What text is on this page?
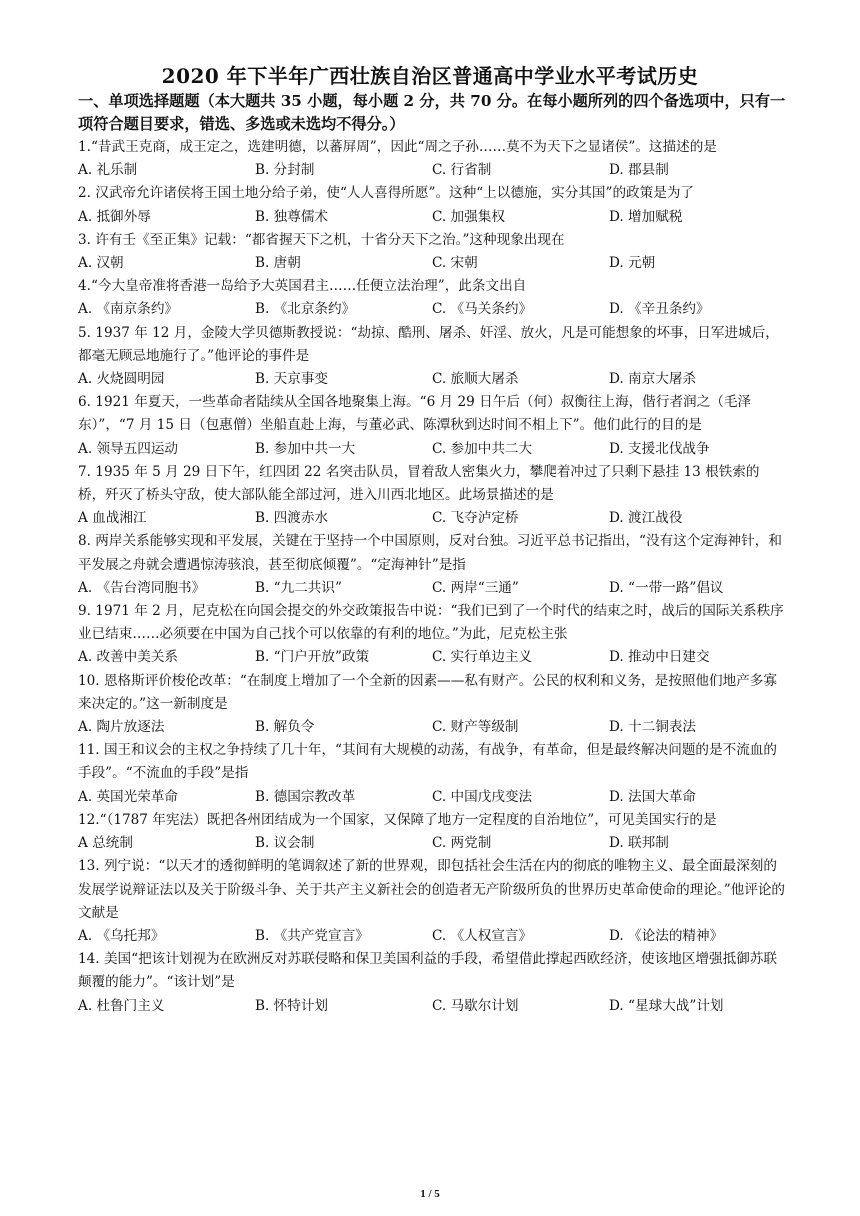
2020 年下半年广西壮族自治区普通高中学业水平考试历史

一、单项选择题题（本大题共 35 小题，每小题 2 分，共 70 分。在每小题所列的四个备选项中，只有一项符合题目要求，错选、多选或未选均不得分。）

1.“昔武王克商，成王定之，选建明德，以蕃屏周”，因此“周之子孙……莫不为天下之显诸侯”。这描述的是

A. 礼乐制	B. 分封制	C. 行省制	D. 郡县制

2. 汉武帝允许诸侯将王国土地分给子弟，使“人人喜得所愿”。这种“上以德施，实分其国”的政策是为了

A. 抵御外辱	B. 独尊儒术	C. 加强集权	D. 增加赋税

3. 许有壬《至正集》记载：“都省握天下之机，十省分天下之治。”这种现象出现在

A. 汉朝	B. 唐朝	C. 宋朝	D. 元朝

4.“今大皇帝准将香港一岛给予大英国君主……任便立法治理”，此条文出自

A. 《南京条约》	B. 《北京条约》	C. 《马关条约》	D. 《辛丑条约》

5. 1937 年 12 月，金陵大学贝德斯教授说：“劫掠、酷刑、屠杀、奸淫、放火，凡是可能想象的坏事，日军进城后，都毫无顾忌地施行了。”他评论的事件是

A. 火烧圆明园	B. 天京事变	C. 旅顺大屠杀	D. 南京大屠杀

6. 1921 年夏天，一些革命者陆续从全国各地聚集上海。“6 月 29 日午后（何）叔衡往上海，偕行者润之（毛泽东）”，“7 月 15 日（包惠僧）坐船直赴上海，与董必武、陈潭秋到达时间不相上下”。他们此行的目的是

A. 领导五四运动	B. 参加中共一大	C. 参加中共二大	D. 支援北伐战争

7. 1935 年 5 月 29 日下午，红四团 22 名突击队员，冒着敌人密集火力，攀爬着冲过了只剩下悬挂 13 根铁索的桥，歼灭了桥头守敌，使大部队能全部过河，进入川西北地区。此场景描述的是

A 血战湘江	B. 四渡赤水	C. 飞夺泸定桥	D. 渡江战役

8. 两岸关系能够实现和平发展，关键在于坚持一个中国原则，反对台独。习近平总书记指出，“没有这个定海神针，和平发展之舟就会遭遇惊涛骇浪，甚至彻底倾覆”。“定海神针”是指

A. 《告台湾同胞书》	B. “九二共识”	C. 两岸“三通”	D. “一带一路”倡议

9. 1971 年 2 月，尼克松在向国会提交的外交政策报告中说：“我们已到了一个时代的结束之时，战后的国际关系秩序业已结束……必须要在中国为自己找个可以依靠的有利的地位。”为此，尼克松主张

A. 改善中美关系	B. “门户开放”政策	C. 实行单边主义	D. 推动中日建交

10. 恩格斯评价梭伦改革：“在制度上增加了一个全新的因素——私有财产。公民的权利和义务，是按照他们地产多寡来决定的。”这一新制度是

A. 陶片放逐法	B. 解负令	C. 财产等级制	D. 十二铜表法

11. 国王和议会的主权之争持续了几十年，“其间有大规模的动荡，有战争，有革命，但是最终解决问题的是不流血的手段”。“不流血的手段”是指

A. 英国光荣革命	B. 德国宗教改革	C. 中国戊戌变法	D. 法国大革命

12.“（1787 年宪法）既把各州团结成为一个国家，又保障了地方一定程度的自治地位”，可见美国实行的是

A 总统制	B. 议会制	C. 两党制	D. 联邦制

13. 列宁说：“以天才的透彻鲜明的笔调叙述了新的世界观，即包括社会生活在内的彻底的唯物主义、最全面最深刻的发展学说辩证法以及关于阶级斗争、关于共产主义新社会的创造者无产阶级所负的世界历史革命使命的理论。”他评论的文献是

A. 《乌托邦》	B. 《共产党宣言》	C. 《人权宣言》	D. 《论法的精神》

14. 美国“把该计划视为在欧洲反对苏联侵略和保卫美国利益的手段，希望借此撑起西欧经济，使该地区增强抵御苏联颠覆的能力”。“该计划”是

A. 杜鲁门主义	B. 怀特计划	C. 马歇尔计划	D. “星球大战”计划
1 / 5
